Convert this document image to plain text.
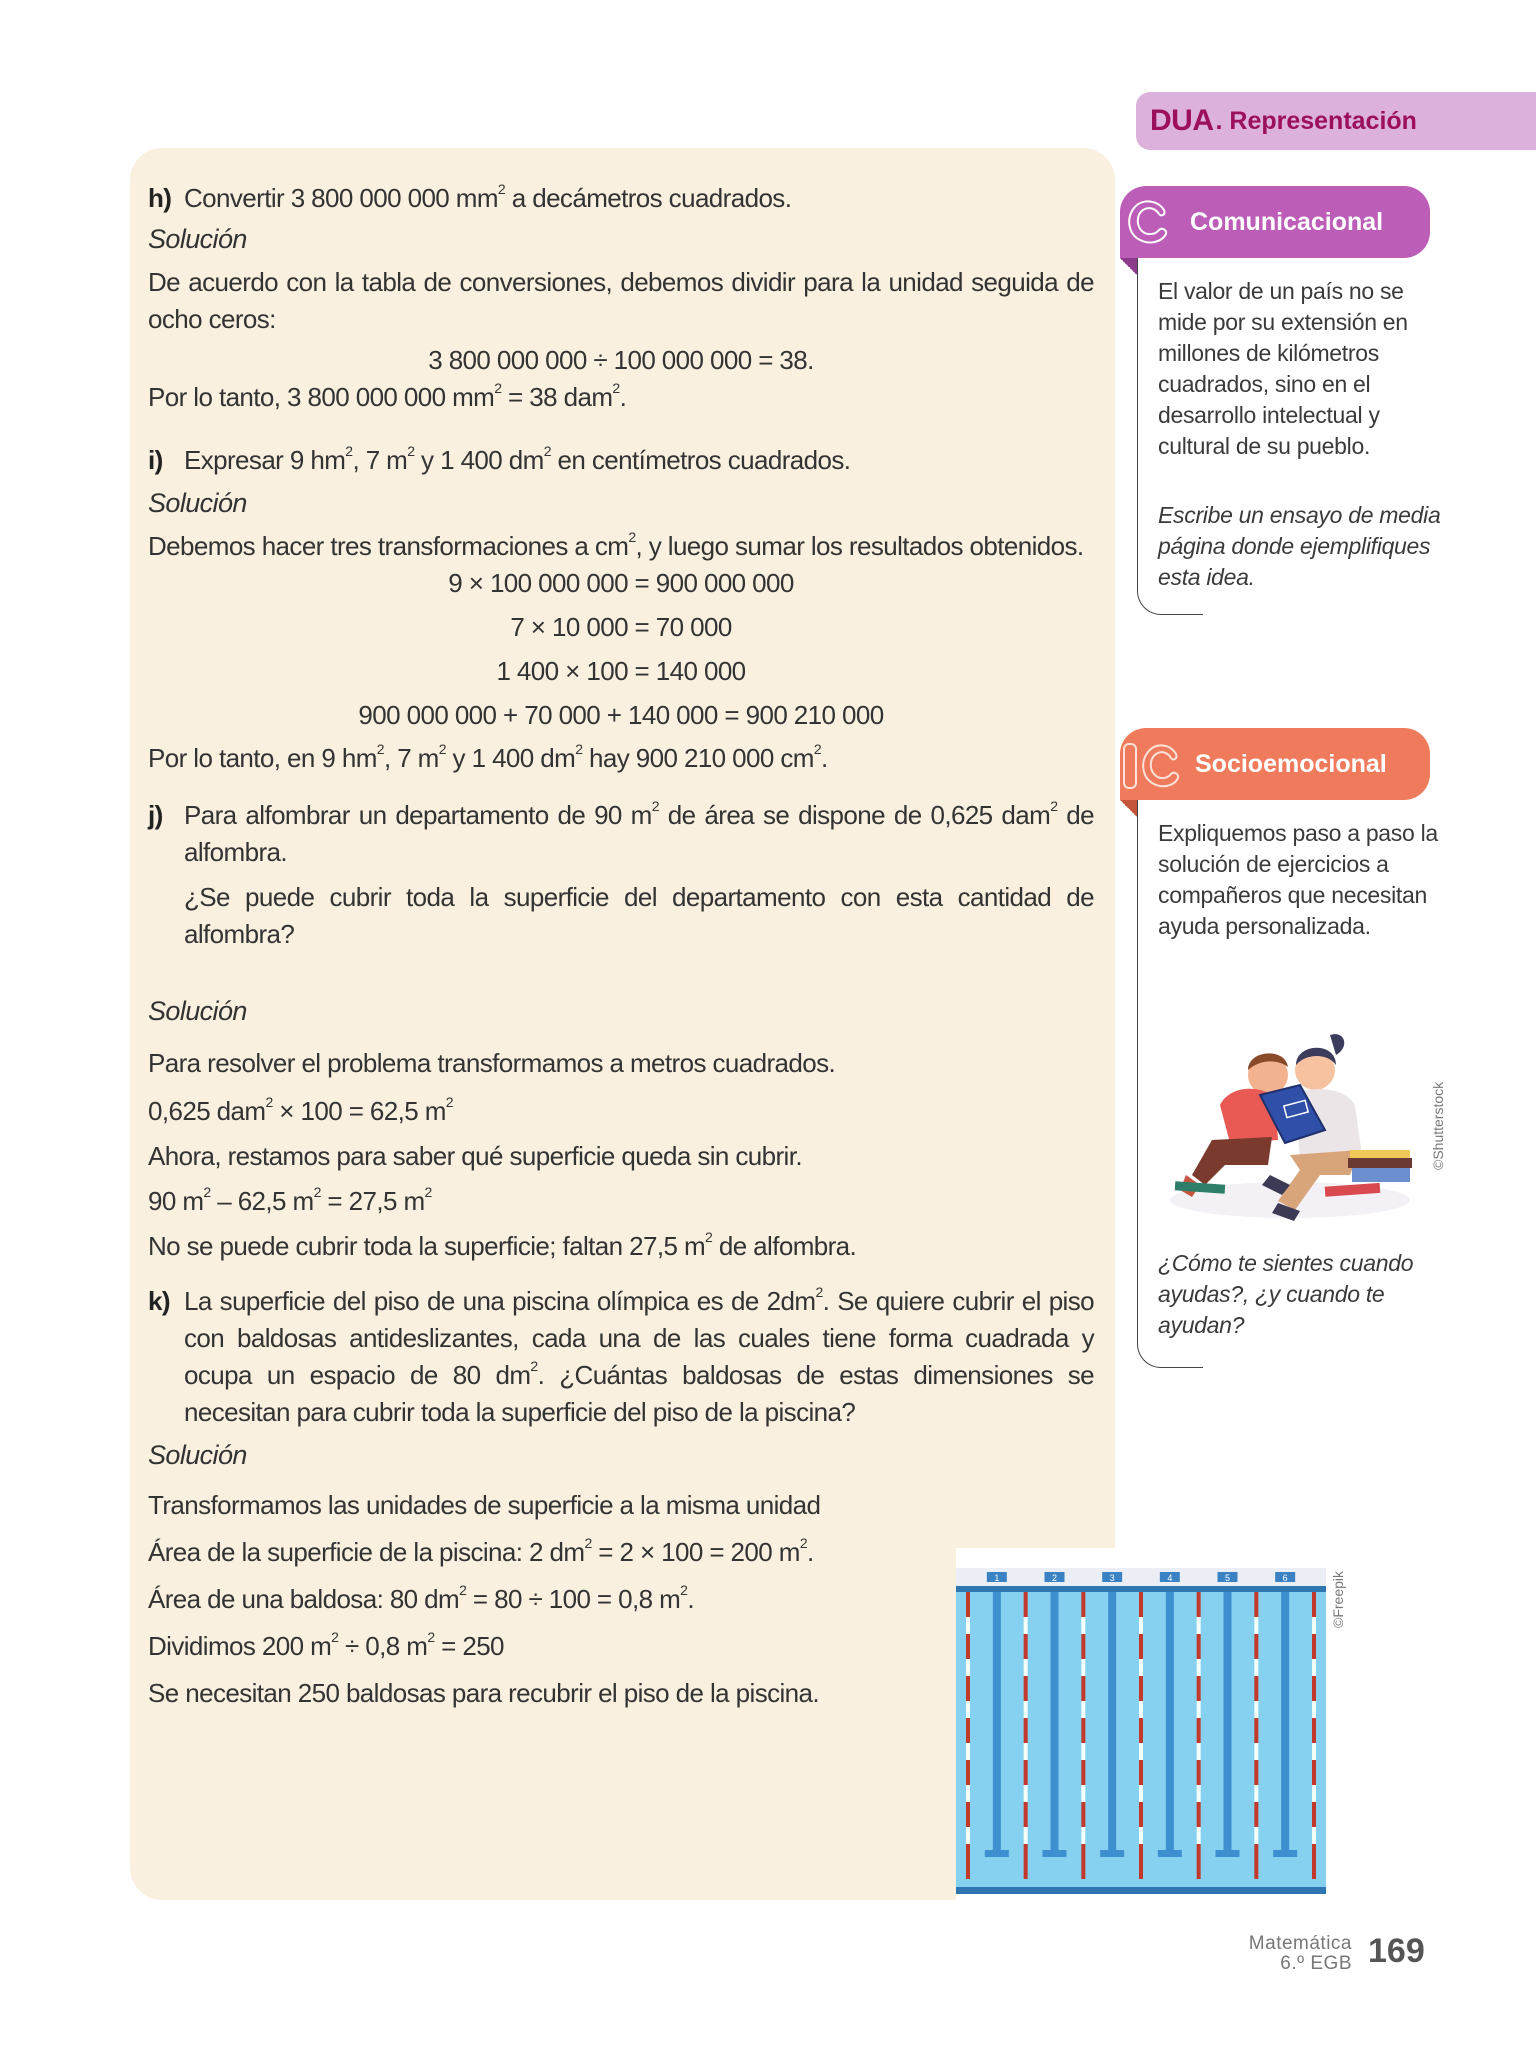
h) Convertir 3 800 000 000 $mm^2$ a decámetros cuadrados.

Solución

De acuerdo con la tabla de conversiones, debemos dividir para la unidad seguida de ocho ceros:

3 800 000 000 ÷ 100 000 000 = 38.

Por lo tanto, 3 800 000 000 $mm^2 = 38$ dam$^2$.

i) Expresar 9 $hm^2$, 7 $m^2$ y 1 400 $dm^2$ en centímetros cuadrados.

Solución

Debemos hacer tres transformaciones a $cm^2$, y luego sumar los resultados obtenidos.

9 × 100 000 000 = 900 000 000

7 × 10 000 = 70 000

1 400 × 100 = 140 000

900 000 000 + 70 000 + 140 000 = 900 210 000

Por lo tanto, en 9 $hm^2$, 7 $m^2$ y 1 400 $dm^2$ hay 900 210 000 $cm^2$.

j) Para alfombrar un departamento de 90 $m^2$ de área se dispone de 0,625 dam$^2$ de alfombra.

¿Se puede cubrir toda la superficie del departamento con esta cantidad de alfombra?

Solución

Para resolver el problema transformamos a metros cuadrados.

0,625 dam$^2$ × 100 = 62,5 $m^2$

Ahora, restamos para saber qué superficie queda sin cubrir.

90 $m^2 - 62,5$ $m^2 = 27,5$ $m^2$

No se puede cubrir toda la superficie; faltan 27,5 $m^2$ de alfombra.

k) La superficie del piso de una piscina olímpica es de $2dm^2$. Se quiere cubrir el piso con baldosas antideslizantes, cada una de las cuales tiene forma cuadrada y ocupa un espacio de 80 $dm^2$. ¿Cuántas baldosas de estas dimensiones se necesitan para cubrir toda la superficie del piso de la piscina?

Solución

Transformamos las unidades de superficie a la misma unidad

Área de la superficie de la piscina: 2 $dm^2 = 2 \times 100 = 200$ $m^2$.

Área de una baldosa: 80 $dm^2 = 80 \div 100 = 0,8$ $m^2$.

Dividimos 200 $m^2 \div 0,8$ $m^2 = 250$

Se necesitan 250 baldosas para recubrir el piso de la piscina.

1	2	3	4	5	6	©Freepik
DUA . Representación
Comunicacional

El valor de un país no se mide por su extensión en millones de kilómetros cuadrados, sino en el desarrollo intelectual y cultural de su pueblo.

Escribe un ensayo de media página donde ejemplifiques esta idea.

Socioemocional

Expliquemos paso a paso la solución de ejercicios a compañeros que necesitan ayuda personalizada.

©Shutterstock

¿Cómo te sientes cuando ayudas?, ¿y cuando te ayudan?

Matemática
6.º EGB 169
